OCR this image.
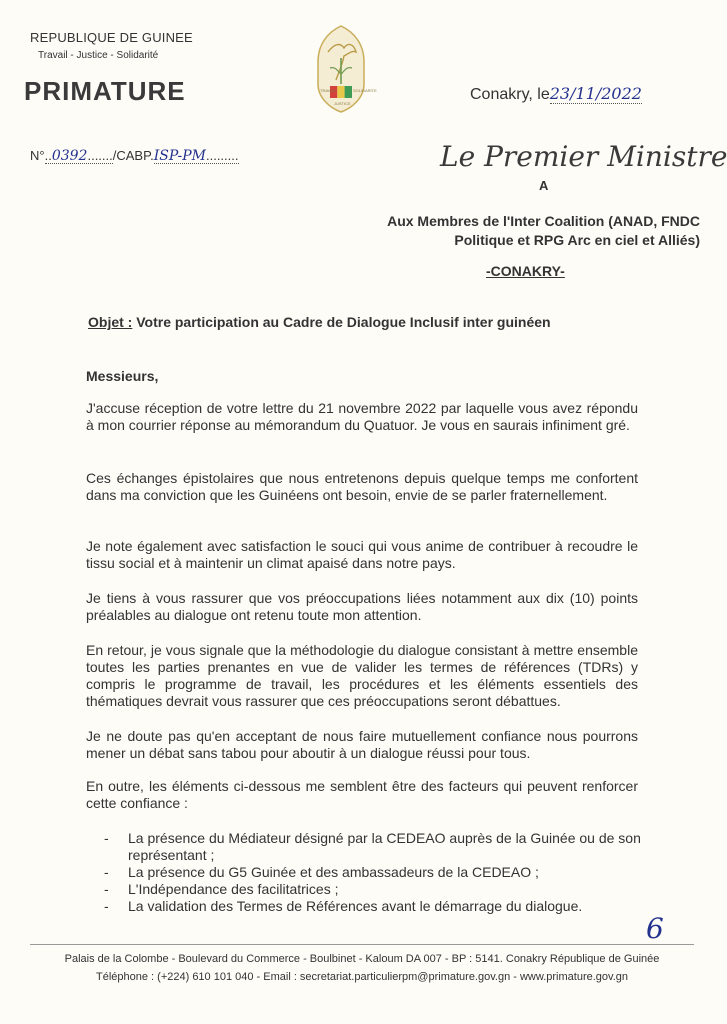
REPUBLIQUE DE GUINEE
Travail - Justice - Solidarité
PRIMATURE	TRAVAIL	SOLIDARITE
JUSTICE
Conakry, le23/11/2022
N°..0392......./CABP.ISP-PM.........	Le Premier Ministre
A
Aux Membres de l'Inter Coalition (ANAD, FNDC
Politique et RPG Arc en ciel et Alliés)
-CONAKRY-
Objet : Votre participation au Cadre de Dialogue Inclusif inter guinéen
Messieurs,
J'accuse réception de votre lettre du 21 novembre 2022 par laquelle vous avez répondu à mon courrier réponse au mémorandum du Quatuor. Je vous en saurais infiniment gré.
Ces échanges épistolaires que nous entretenons depuis quelque temps me confortent dans ma conviction que les Guinéens ont besoin, envie de se parler fraternellement.
Je note également avec satisfaction le souci qui vous anime de contribuer à recoudre le tissu social et à maintenir un climat apaisé dans notre pays.
Je tiens à vous rassurer que vos préoccupations liées notamment aux dix (10) points préalables au dialogue ont retenu toute mon attention.
En retour, je vous signale que la méthodologie du dialogue consistant à mettre ensemble toutes les parties prenantes en vue de valider les termes de références (TDRs) y compris le programme de travail, les procédures et les éléments essentiels des thématiques devrait vous rassurer que ces préoccupations seront débattues.
Je ne doute pas qu'en acceptant de nous faire mutuellement confiance nous pourrons mener un débat sans tabou pour aboutir à un dialogue réussi pour tous.
En outre, les éléments ci-dessous me semblent être des facteurs qui peuvent renforcer cette confiance :
- La présence du Médiateur désigné par la CEDEAO auprès de la Guinée ou de son représentant ;
- La présence du G5 Guinée et des ambassadeurs de la CEDEAO ;
- L'Indépendance des facilitatrices ;
- La validation des Termes de Références avant le démarrage du dialogue.
6
Palais de la Colombe - Boulevard du Commerce - Boulbinet - Kaloum DA 007 - BP : 5141. Conakry République de Guinée
Téléphone : (+224) 610 101 040 - Email : secretariat.particulierpm@primature.gov.gn - www.primature.gov.gn
